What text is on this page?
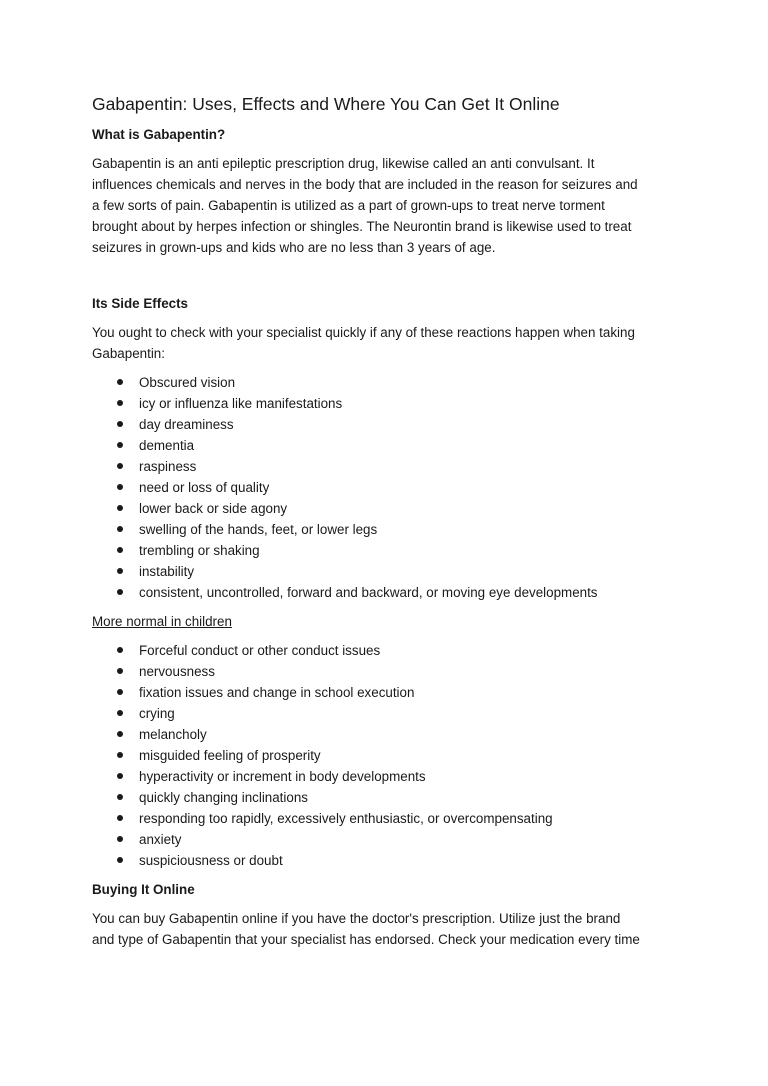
Gabapentin: Uses, Effects and Where You Can Get It Online
What is Gabapentin?
Gabapentin is an anti epileptic prescription drug, likewise called an anti convulsant. It
influences chemicals and nerves in the body that are included in the reason for seizures and
a few sorts of pain. Gabapentin is utilized as a part of grown-ups to treat nerve torment
brought about by herpes infection or shingles. The Neurontin brand is likewise used to treat
seizures in grown-ups and kids who are no less than 3 years of age.
Its Side Effects
You ought to check with your specialist quickly if any of these reactions happen when taking
Gabapentin:
Obscured vision
icy or influenza like manifestations
day dreaminess
dementia
raspiness
need or loss of quality
lower back or side agony
swelling of the hands, feet, or lower legs
trembling or shaking
instability
consistent, uncontrolled, forward and backward, or moving eye developments
More normal in children
Forceful conduct or other conduct issues
nervousness
fixation issues and change in school execution
crying
melancholy
misguided feeling of prosperity
hyperactivity or increment in body developments
quickly changing inclinations
responding too rapidly, excessively enthusiastic, or overcompensating
anxiety
suspiciousness or doubt
Buying It Online
You can buy Gabapentin online if you have the doctor's prescription. Utilize just the brand
and type of Gabapentin that your specialist has endorsed. Check your medication every time
